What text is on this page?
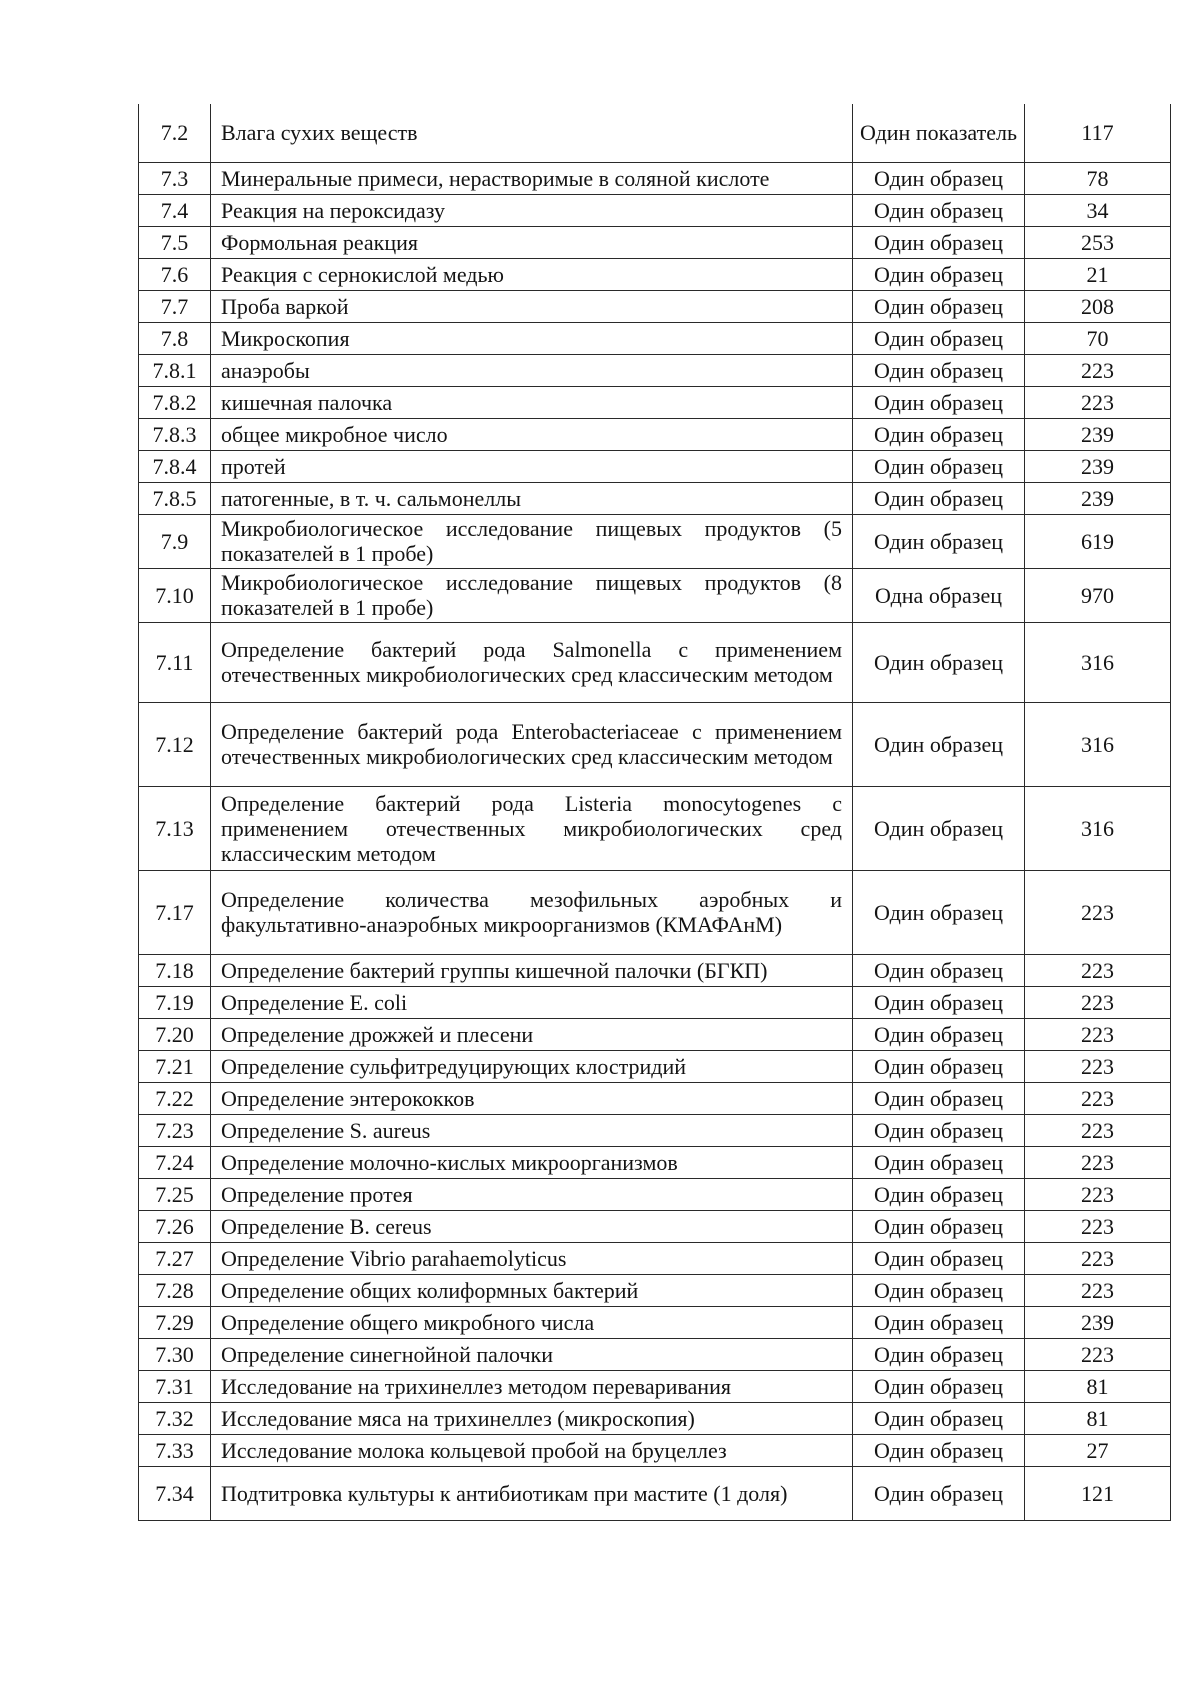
7.2	Влага сухих веществ	Один показатель	117
7.3	Минеральные примеси, нерастворимые в соляной кислоте	Один образец	78
7.4	Реакция на пероксидазу	Один образец	34
7.5	Формольная реакция	Один образец	253
7.6	Реакция с сернокислой медью	Один образец	21
7.7	Проба варкой	Один образец	208
7.8	Микроскопия	Один образец	70
7.8.1	анаэробы	Один образец	223
7.8.2	кишечная палочка	Один образец	223
7.8.3	общее микробное число	Один образец	239
7.8.4	протей	Один образец	239
7.8.5	патогенные, в т. ч. сальмонеллы	Один образец	239
7.9	Микробиологическое исследование пищевых продуктов (5 показателей в 1 пробе)	Один образец	619
7.10	Микробиологическое исследование пищевых продуктов (8 показателей в 1 пробе)	Одна образец	970
7.11	Определение бактерий рода Salmonella с применением отечественных микробиологических сред классическим методом	Один образец	316
7.12	Определение бактерий рода Enterobacteriaceae с применением отечественных микробиологических сред классическим методом	Один образец	316
7.13	Определение бактерий рода Listeria monocytogenes с применением отечественных микробиологических сред классическим методом	Один образец	316
7.17	Определение количества мезофильных аэробных и факультативно-анаэробных микроорганизмов (КМАФАнМ)	Один образец	223
7.18	Определение бактерий группы кишечной палочки (БГКП)	Один образец	223
7.19	Определение E. coli	Один образец	223
7.20	Определение дрожжей и плесени	Один образец	223
7.21	Определение сульфитредуцирующих клостридий	Один образец	223
7.22	Определение энтерококков	Один образец	223
7.23	Определение S. aureus	Один образец	223
7.24	Определение молочно-кислых микроорганизмов	Один образец	223
7.25	Определение протея	Один образец	223
7.26	Определение B. cereus	Один образец	223
7.27	Определение Vibrio parahaemolyticus	Один образец	223
7.28	Определение общих колиформных бактерий	Один образец	223
7.29	Определение общего микробного числа	Один образец	239
7.30	Определение синегнойной палочки	Один образец	223
7.31	Исследование на трихинеллез методом переваривания	Один образец	81
7.32	Исследование мяса на трихинеллез (микроскопия)	Один образец	81
7.33	Исследование молока кольцевой пробой на бруцеллез	Один образец	27
7.34	Подтитровка культуры к антибиотикам при мастите (1 доля)	Один образец	121
